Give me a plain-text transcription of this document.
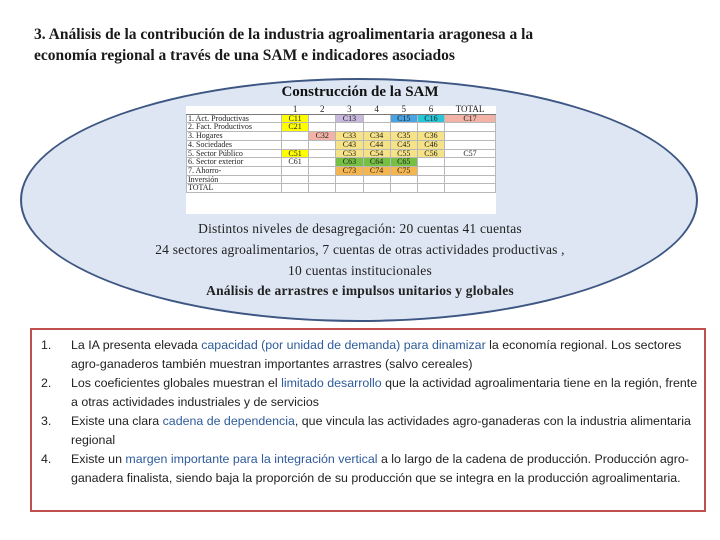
3. Análisis de la contribución de la industria agroalimentaria aragonesa a la
economía regional a través de una SAM e indicadores asociados
Construcción de la SAM
	1	2	3	4	5	6	TOTAL
1. Act. Productivas	C11		C13		C15	C16	C17
2. Fact. Productivos	C21						
3. Hogares		C32	C33	C34	C35	C36	
4. Sociedades			C43	C44	C45	C46	
5. Sector Público	C51		C53	C54	C55	C56	C57
6. Sector exterior	C61		C63	C64	C65		
7. Ahorro-			C73	C74	C75		
Inversión							
TOTAL							
Distintos niveles de desagregación: 20 cuentas 41 cuentas
24 sectores agroalimentarios, 7 cuentas de otras actividades productivas ,
10 cuentas institucionales
Análisis de arrastres e impulsos unitarios y globales
1. La IA presenta elevada capacidad (por unidad de demanda) para dinamizar la economía regional. Los sectores agro-ganaderos también muestran importantes arrastres (salvo cereales)
2. Los coeficientes globales muestran el limitado desarrollo que la actividad agroalimentaria tiene en la región, frente a otras actividades industriales y de servicios
3. Existe una clara cadena de dependencia, que vincula las actividades agro-ganaderas con la industria alimentaria regional
4. Existe un margen importante para la integración vertical a lo largo de la cadena de producción. Producción agro-ganadera finalista, siendo baja la proporción de su producción que se integra en la producción agroalimentaria.
